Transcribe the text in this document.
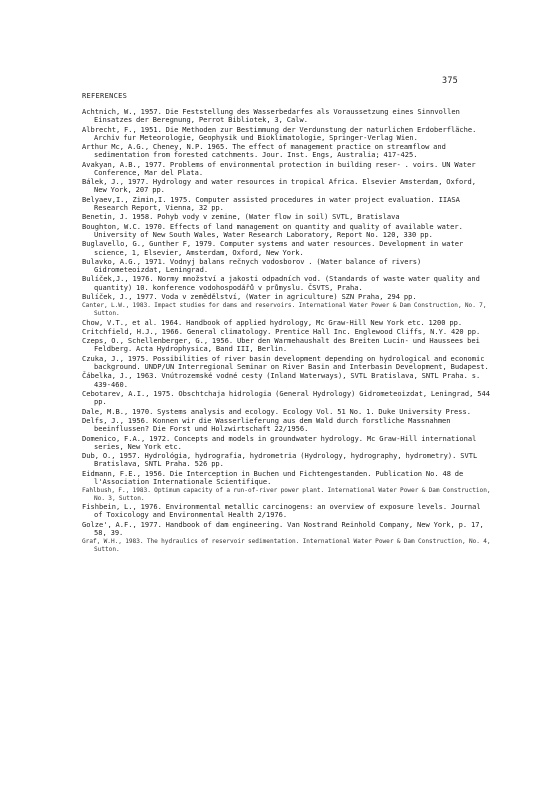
375
REFERENCES
Achtnich, W., 1957. Die Feststellung des Wasserbedarfes als Voraussetzung eines Sinnvollen Einsatzes der Beregnung, Perrot Bibliotek, 3, Calw.
Albrecht, F., 1951. Die Methoden zur Bestimmung der Verdunstung der naturlichen Erdoberfläche. Archiv fur Meteorologie, Geophysik und Bioklimatologie, Springer-Verlag Wien.
Arthur Mc, A.G., Cheney, N.P. 1965. The effect of management practice on streamflow and sedimentation from forested catchments. Jour. Inst. Engs, Australia; 417-425.
Avakyan, A.B., 1977. Problems of environmental protection in building reser- . voirs. UN Water Conference, Mar del Plata.
Bálek, J., 1977. Hydrology and water resources in tropical Africa. Elsevier Amsterdam, Oxford, New York, 207 pp.
Belyaev,I., Zimin,I. 1975. Computer assisted procedures in water project evaluation. IIASA Research Report, Vienna, 32 pp.
Benetin, J. 1958. Pohyb vody v zemine, (Water flow in soil) SVTL, Bratislava
Boughton, W.C. 1970. Effects of land management on quantity and quality of available water. University of New South Wales, Water Research Laboratory, Report No. 120, 330 pp.
Buglavello, G., Gunther F, 1979. Computer systems and water resources. Development in water science, 1, Elsevier, Amsterdam, Oxford, New York.
Bulavko, A.G., 1971. Vodnyj balans rečnych vodosborov . (Water balance of rivers) Gidrometeoizdat, Leningrad.
Bulíček,J., 1976. Normy množství a jakosti odpadních vod. (Standards of waste water quality and quantity) 10. konference vodohospodářů v průmyslu. ČSVTS, Praha.
Bulíček, J., 1977. Voda v zemědělství, (Water in agriculture) SZN Praha, 294 pp.
Canter, L.W., 1983. Impact studies for dams and reservoirs. International Water Power & Dam Construction, No. 7, Sutton.
Chow, V.T., et al. 1964. Handbook of applied hydrology, Mc Graw-Hill New York etc. 1200 pp.
Critchfield, H.J., 1966. General climatology. Prentice Hall Inc. Englewood Cliffs, N.Y. 420 pp.
Czeps, O., Schellenberger, G., 1956. Uber den Warmehaushalt des Breiten Lucin- und Haussees bei Feldberg. Acta Hydrophysica, Band III, Berlin.
Czuka, J., 1975. Possibilities of river basin development depending on hydrological and economic background. UNDP/UN Interregional Seminar on River Basin and Interbasin Development, Budapest.
Čábelka, J., 1963. Vnútrozemské vodné cesty (Inland Waterways), SVTL Bratislava, SNTL Praha. s. 439-460.
Cebotarev, A.I., 1975. Obschtchaja hidrologia (General Hydrology) Gidrometeoizdat, Leningrad, 544 pp.
Dale, M.B., 1970. Systems analysis and ecology. Ecology Vol. 51 No. 1. Duke University Press.
Delfs, J., 1956. Konnen wir die Wasserlieferung aus dem Wald durch forstliche Massnahmen beeinflussen? Die Forst und Holzwirtschaft 22/1956.
Domenico, F.A., 1972. Concepts and models in groundwater hydrology. Mc Graw-Hill international series, New York etc.
Dub, O., 1957. Hydrológia, hydrografia, hydrometria (Hydrology, hydrography, hydrometry). SVTL Bratislava, SNTL Praha. 526 pp.
Eidmann, F.E., 1956. Die Interception in Buchen und Fichtengestanden. Publication No. 48 de l'Association Internationale Scientifique.
Fahlbush, F., 1983. Optimum capacity of a run-of-river power plant. International Water Power & Dam Construction, No. 3, Sutton.
Fishbein, L., 1976. Environmental metallic carcinogens: an overview of exposure levels. Journal of Toxicology and Environmental Health 2/1976.
Golze', A.F., 1977. Handbook of dam engineering. Van Nostrand Reinhold Company, New York, p. 17, 58, 39.
Graf, W.H., 1983. The hydraulics of reservoir sedimentation. International Water Power & Dam Construction, No. 4, Sutton.
